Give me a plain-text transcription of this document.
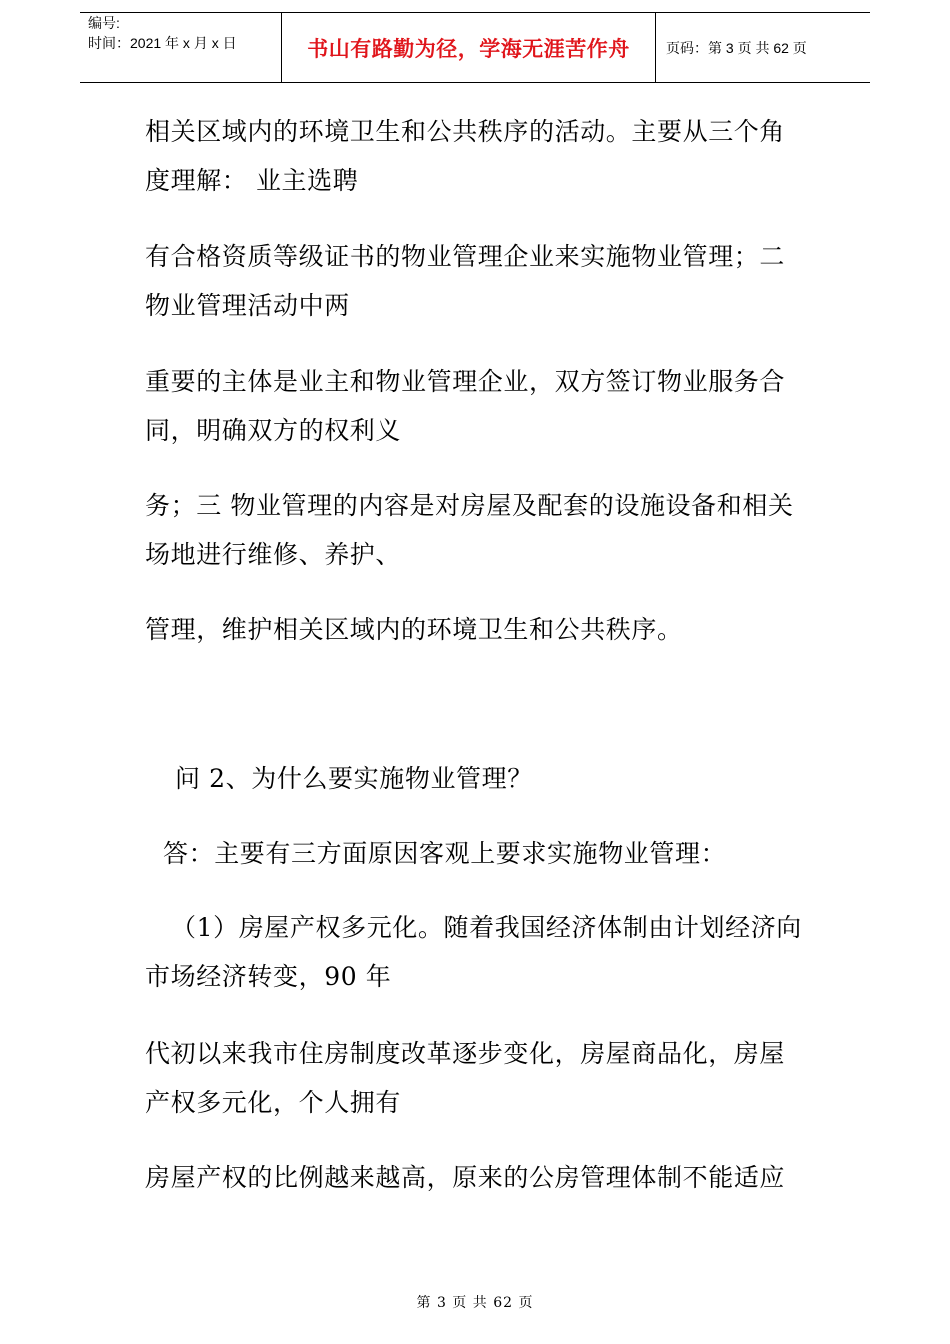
编号:
时间：2021 年 x 月 x 日	书山有路勤为径，学海无涯苦作舟	页码：第 3 页 共 62 页
相关区域内的环境卫生和公共秩序的活动。主要从三个角
度理解： 业主选聘
有合格资质等级证书的物业管理企业来实施物业管理；二
物业管理活动中两
重要的主体是业主和物业管理企业，双方签订物业服务合
同，明确双方的权利义
务；三 物业管理的内容是对房屋及配套的设施设备和相关
场地进行维修、养护、
管理，维护相关区域内的环境卫生和公共秩序。
问 2、为什么要实施物业管理？
答：主要有三方面原因客观上要求实施物业管理：
（1）房屋产权多元化。随着我国经济体制由计划经济向
市场经济转变，90 年
代初以来我市住房制度改革逐步变化，房屋商品化，房屋
产权多元化，个人拥有
房屋产权的比例越来越高，原来的公房管理体制不能适应
第 3 页 共 62 页
